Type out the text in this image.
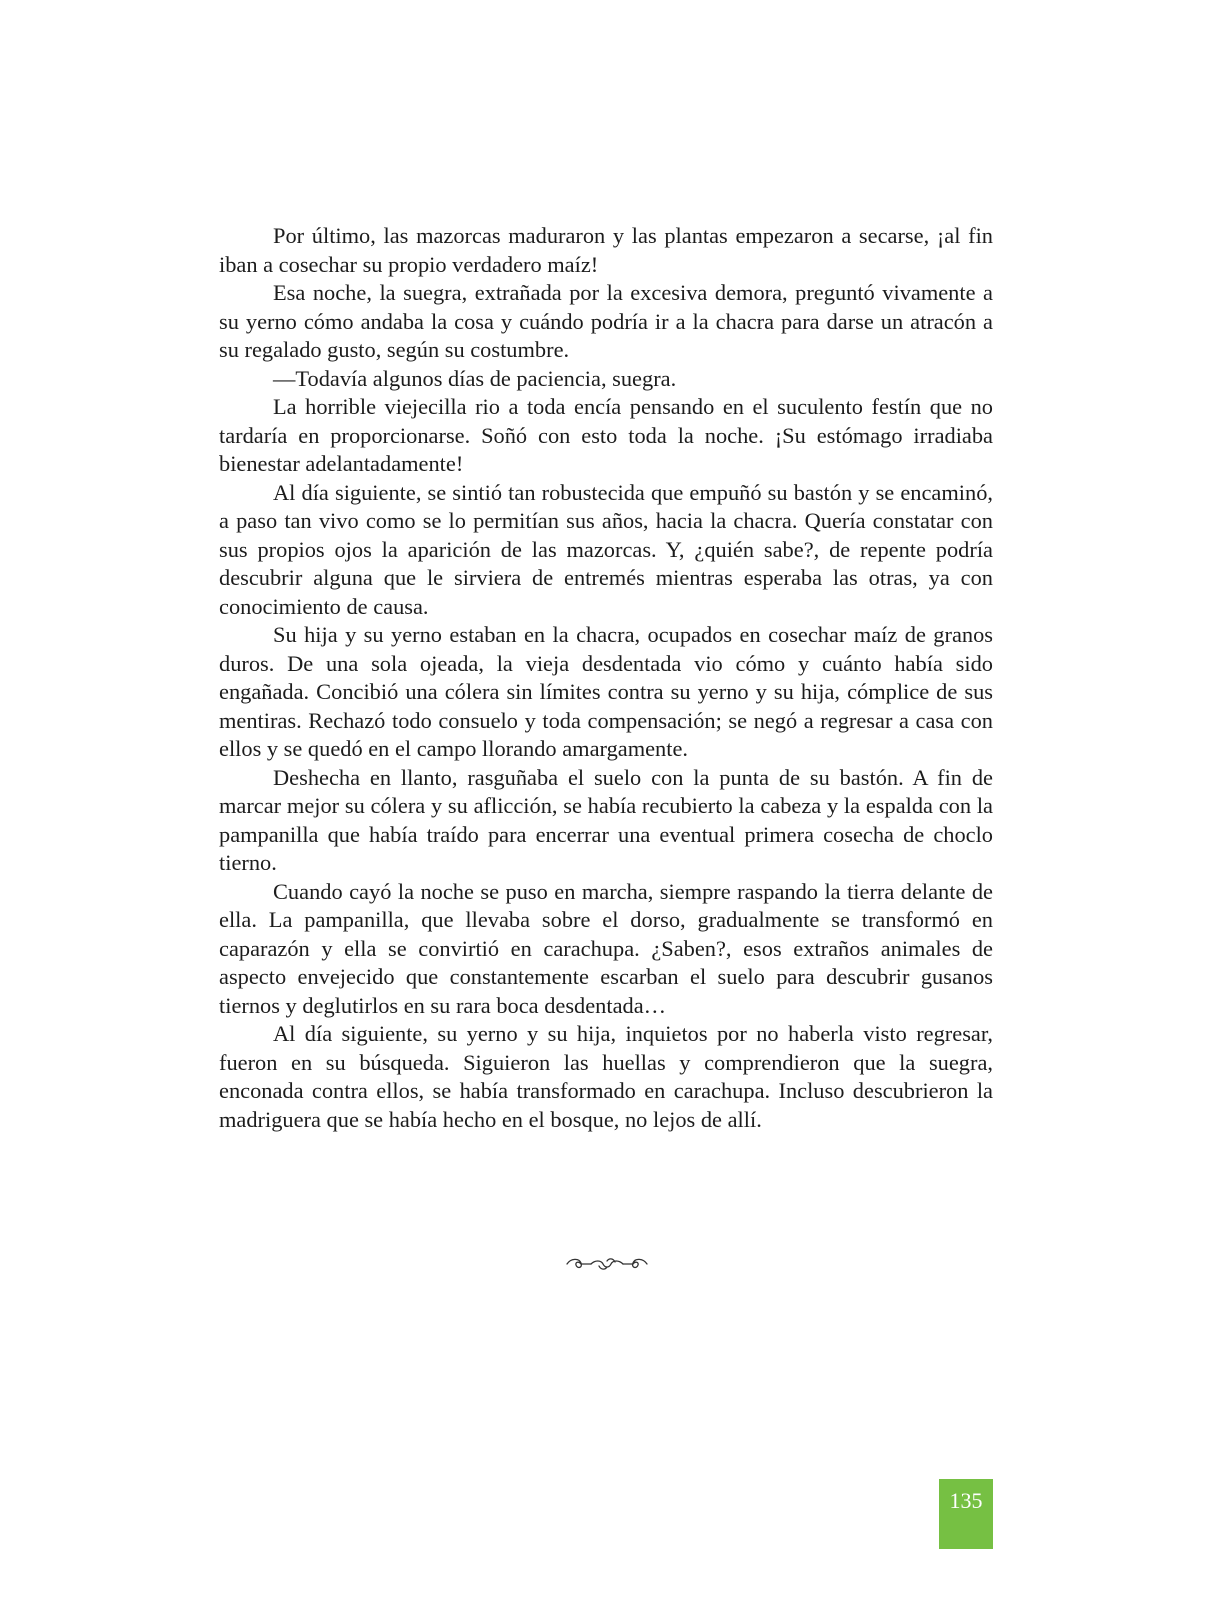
Por último, las mazorcas maduraron y las plantas empezaron a secarse, ¡al fin iban a cosechar su propio verdadero maíz!

Esa noche, la suegra, extrañada por la excesiva demora, preguntó vivamente a su yerno cómo andaba la cosa y cuándo podría ir a la chacra para darse un atracón a su regalado gusto, según su costumbre.

—Todavía algunos días de paciencia, suegra.

La horrible viejecilla rio a toda encía pensando en el suculento festín que no tardaría en proporcionarse. Soñó con esto toda la noche. ¡Su estómago irradiaba bienestar adelantadamente!

Al día siguiente, se sintió tan robustecida que empuñó su bastón y se encaminó, a paso tan vivo como se lo permitían sus años, hacia la chacra. Quería constatar con sus propios ojos la aparición de las mazorcas. Y, ¿quién sabe?, de repente podría descubrir alguna que le sirviera de entremés mientras esperaba las otras, ya con conocimiento de causa.

Su hija y su yerno estaban en la chacra, ocupados en cosechar maíz de granos duros. De una sola ojeada, la vieja desdentada vio cómo y cuánto había sido engañada. Concibió una cólera sin límites contra su yerno y su hija, cómplice de sus mentiras. Rechazó todo consuelo y toda compensación; se negó a regresar a casa con ellos y se quedó en el campo llorando amargamente.

Deshecha en llanto, rasguñaba el suelo con la punta de su bastón. A fin de marcar mejor su cólera y su aflicción, se había recubierto la cabeza y la espalda con la pampanilla que había traído para encerrar una eventual primera cosecha de choclo tierno.

Cuando cayó la noche se puso en marcha, siempre raspando la tierra delante de ella. La pampanilla, que llevaba sobre el dorso, gradualmente se transformó en caparazón y ella se convirtió en carachupa. ¿Saben?, esos extraños animales de aspecto envejecido que constantemente escarban el suelo para descubrir gusanos tiernos y deglutirlos en su rara boca desdentada…

Al día siguiente, su yerno y su hija, inquietos por no haberla visto regresar, fueron en su búsqueda. Siguieron las huellas y comprendieron que la suegra, enconada contra ellos, se había transformado en carachupa. Incluso descubrieron la madriguera que se había hecho en el bosque, no lejos de allí.

135
